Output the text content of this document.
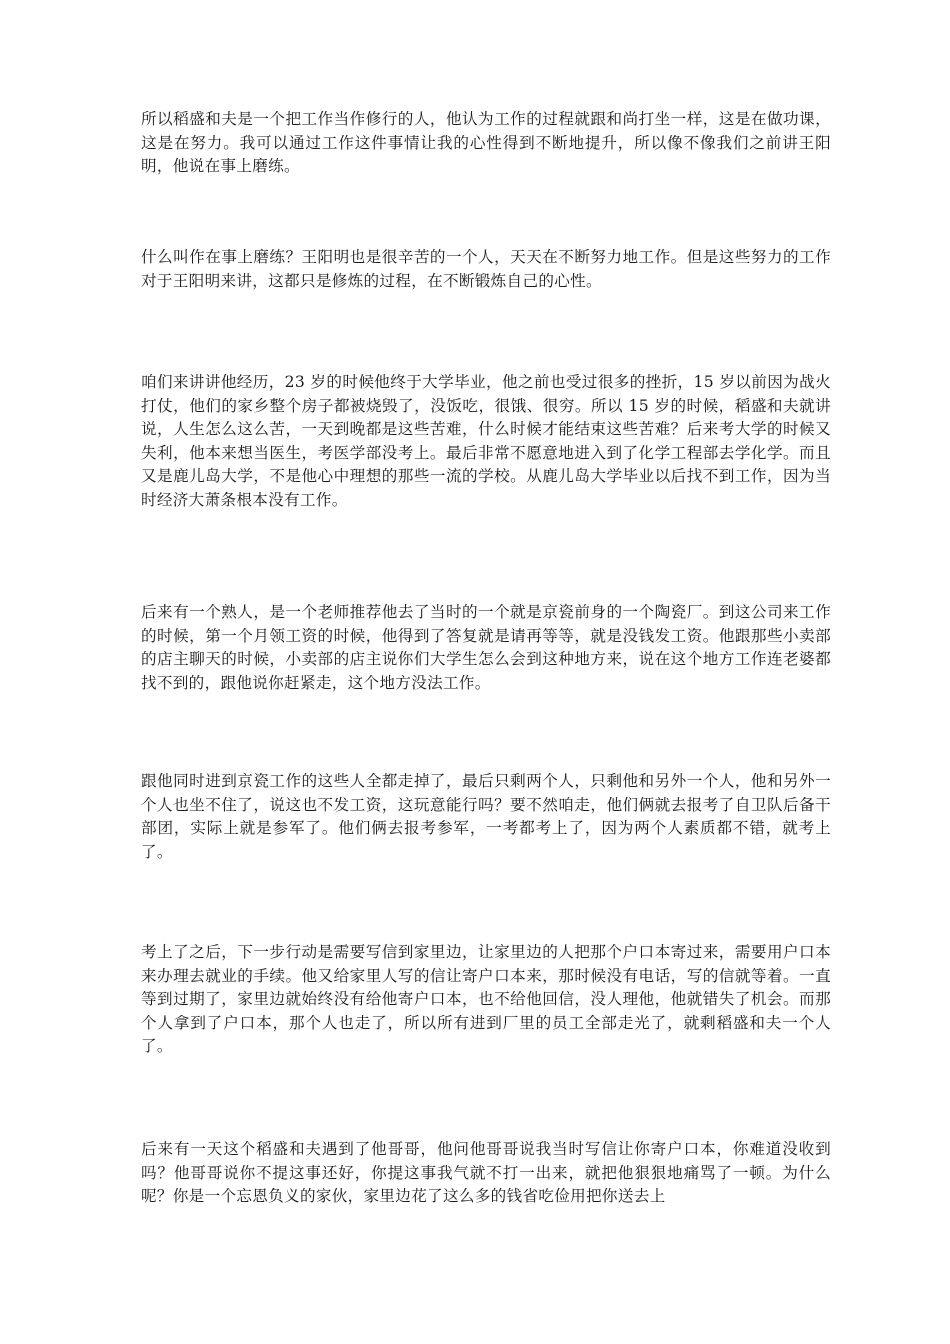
所以稻盛和夫是一个把工作当作修行的人，他认为工作的过程就跟和尚打坐一样，这是在做功课，这是在努力。我可以通过工作这件事情让我的心性得到不断地提升，所以像不像我们之前讲王阳明，他说在事上磨练。

什么叫作在事上磨练？王阳明也是很辛苦的一个人，天天在不断努力地工作。但是这些努力的工作对于王阳明来讲，这都只是修炼的过程，在不断锻炼自己的心性。

咱们来讲讲他经历，23 岁的时候他终于大学毕业，他之前也受过很多的挫折，15 岁以前因为战火打仗，他们的家乡整个房子都被烧毁了，没饭吃，很饿、很穷。所以 15 岁的时候，稻盛和夫就讲说，人生怎么这么苦，一天到晚都是这些苦难，什么时候才能结束这些苦难？后来考大学的时候又失利，他本来想当医生，考医学部没考上。最后非常不愿意地进入到了化学工程部去学化学。而且又是鹿儿岛大学，不是他心中理想的那些一流的学校。从鹿儿岛大学毕业以后找不到工作，因为当时经济大萧条根本没有工作。

后来有一个熟人，是一个老师推荐他去了当时的一个就是京瓷前身的一个陶瓷厂。到这公司来工作的时候，第一个月领工资的时候，他得到了答复就是请再等等，就是没钱发工资。他跟那些小卖部的店主聊天的时候，小卖部的店主说你们大学生怎么会到这种地方来，说在这个地方工作连老婆都找不到的，跟他说你赶紧走，这个地方没法工作。

跟他同时进到京瓷工作的这些人全都走掉了，最后只剩两个人，只剩他和另外一个人，他和另外一个人也坐不住了，说这也不发工资，这玩意能行吗？要不然咱走，他们俩就去报考了自卫队后备干部团，实际上就是参军了。他们俩去报考参军，一考都考上了，因为两个人素质都不错，就考上了。

考上了之后，下一步行动是需要写信到家里边，让家里边的人把那个户口本寄过来，需要用户口本来办理去就业的手续。他又给家里人写的信让寄户口本来，那时候没有电话，写的信就等着。一直等到过期了，家里边就始终没有给他寄户口本，也不给他回信，没人理他，他就错失了机会。而那个人拿到了户口本，那个人也走了，所以所有进到厂里的员工全部走光了，就剩稻盛和夫一个人了。

后来有一天这个稻盛和夫遇到了他哥哥，他问他哥哥说我当时写信让你寄户口本，你难道没收到吗？他哥哥说你不提这事还好，你提这事我气就不打一出来，就把他狠狠地痛骂了一顿。为什么呢？你是一个忘恩负义的家伙，家里边花了这么多的钱省吃俭用把你送去上
